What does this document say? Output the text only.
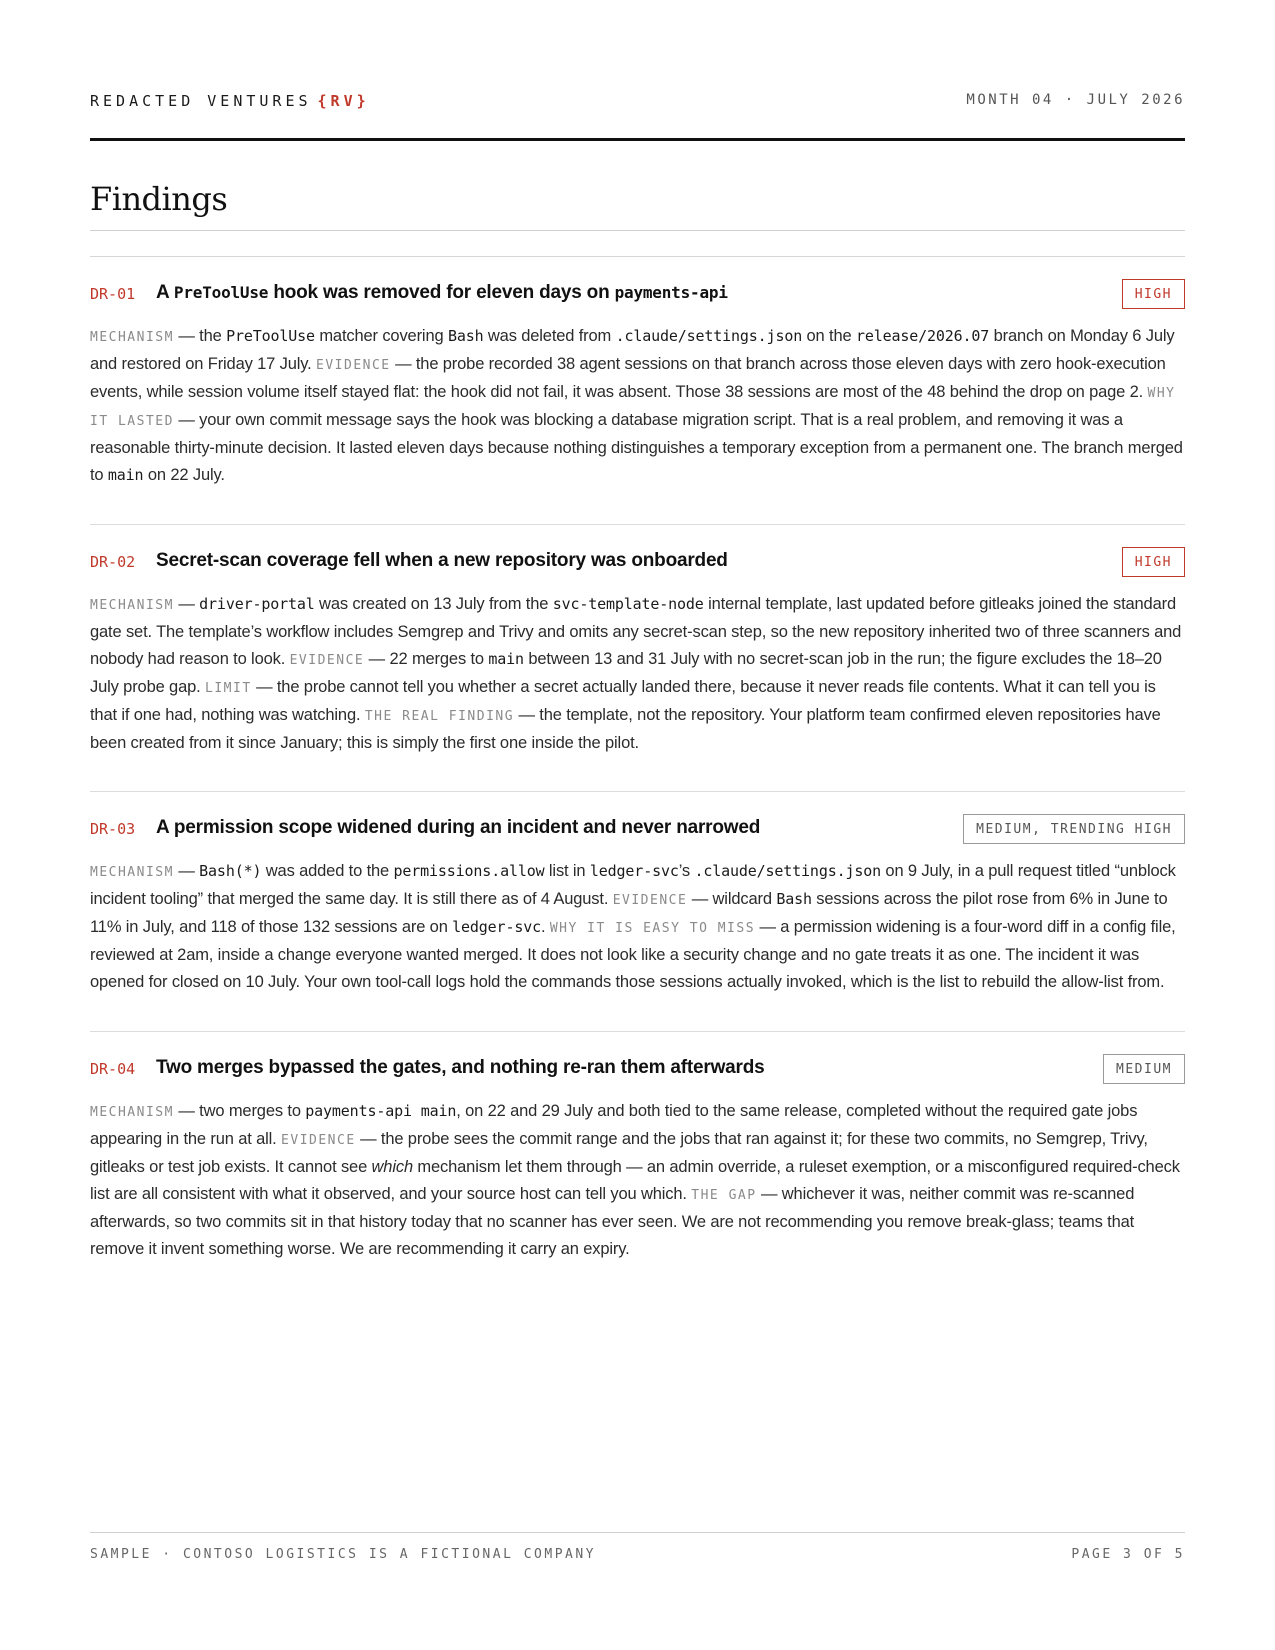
REDACTED VENTURES {RV}	MONTH 04 · JULY 2026
Findings
DR-01 A PreToolUse hook was removed for eleven days on payments-api	HIGH

MECHANISM — the PreToolUse matcher covering Bash was deleted from .claude/settings.json on the release/2026.07 branch on Monday 6 July and restored on Friday 17 July. EVIDENCE — the probe recorded 38 agent sessions on that branch across those eleven days with zero hook-execution events, while session volume itself stayed flat: the hook did not fail, it was absent. Those 38 sessions are most of the 48 behind the drop on page 2. WHY IT LASTED — your own commit message says the hook was blocking a database migration script. That is a real problem, and removing it was a reasonable thirty-minute decision. It lasted eleven days because nothing distinguishes a temporary exception from a permanent one. The branch merged to main on 22 July.

DR-02 Secret-scan coverage fell when a new repository was onboarded	HIGH

MECHANISM — driver-portal was created on 13 July from the svc-template-node internal template, last updated before gitleaks joined the standard gate set. The template’s workflow includes Semgrep and Trivy and omits any secret-scan step, so the new repository inherited two of three scanners and nobody had reason to look. EVIDENCE — 22 merges to main between 13 and 31 July with no secret-scan job in the run; the figure excludes the 18–20 July probe gap. LIMIT — the probe cannot tell you whether a secret actually landed there, because it never reads file contents. What it can tell you is that if one had, nothing was watching. THE REAL FINDING — the template, not the repository. Your platform team confirmed eleven repositories have been created from it since January; this is simply the first one inside the pilot.

DR-03 A permission scope widened during an incident and never narrowed	MEDIUM, TRENDING HIGH

MECHANISM — Bash(*) was added to the permissions.allow list in ledger-svc’s .claude/settings.json on 9 July, in a pull request titled “unblock incident tooling” that merged the same day. It is still there as of 4 August. EVIDENCE — wildcard Bash sessions across the pilot rose from 6% in June to 11% in July, and 118 of those 132 sessions are on ledger-svc. WHY IT IS EASY TO MISS — a permission widening is a four-word diff in a config file, reviewed at 2am, inside a change everyone wanted merged. It does not look like a security change and no gate treats it as one. The incident it was opened for closed on 10 July. Your own tool-call logs hold the commands those sessions actually invoked, which is the list to rebuild the allow-list from.

DR-04 Two merges bypassed the gates, and nothing re-ran them afterwards	MEDIUM

MECHANISM — two merges to payments-api main, on 22 and 29 July and both tied to the same release, completed without the required gate jobs appearing in the run at all. EVIDENCE — the probe sees the commit range and the jobs that ran against it; for these two commits, no Semgrep, Trivy, gitleaks or test job exists. It cannot see which mechanism let them through — an admin override, a ruleset exemption, or a misconfigured required-check list are all consistent with what it observed, and your source host can tell you which. THE GAP — whichever it was, neither commit was re-scanned afterwards, so two commits sit in that history today that no scanner has ever seen. We are not recommending you remove break-glass; teams that remove it invent something worse. We are recommending it carry an expiry.

SAMPLE · CONTOSO LOGISTICS IS A FICTIONAL COMPANY	PAGE 3 OF 5
